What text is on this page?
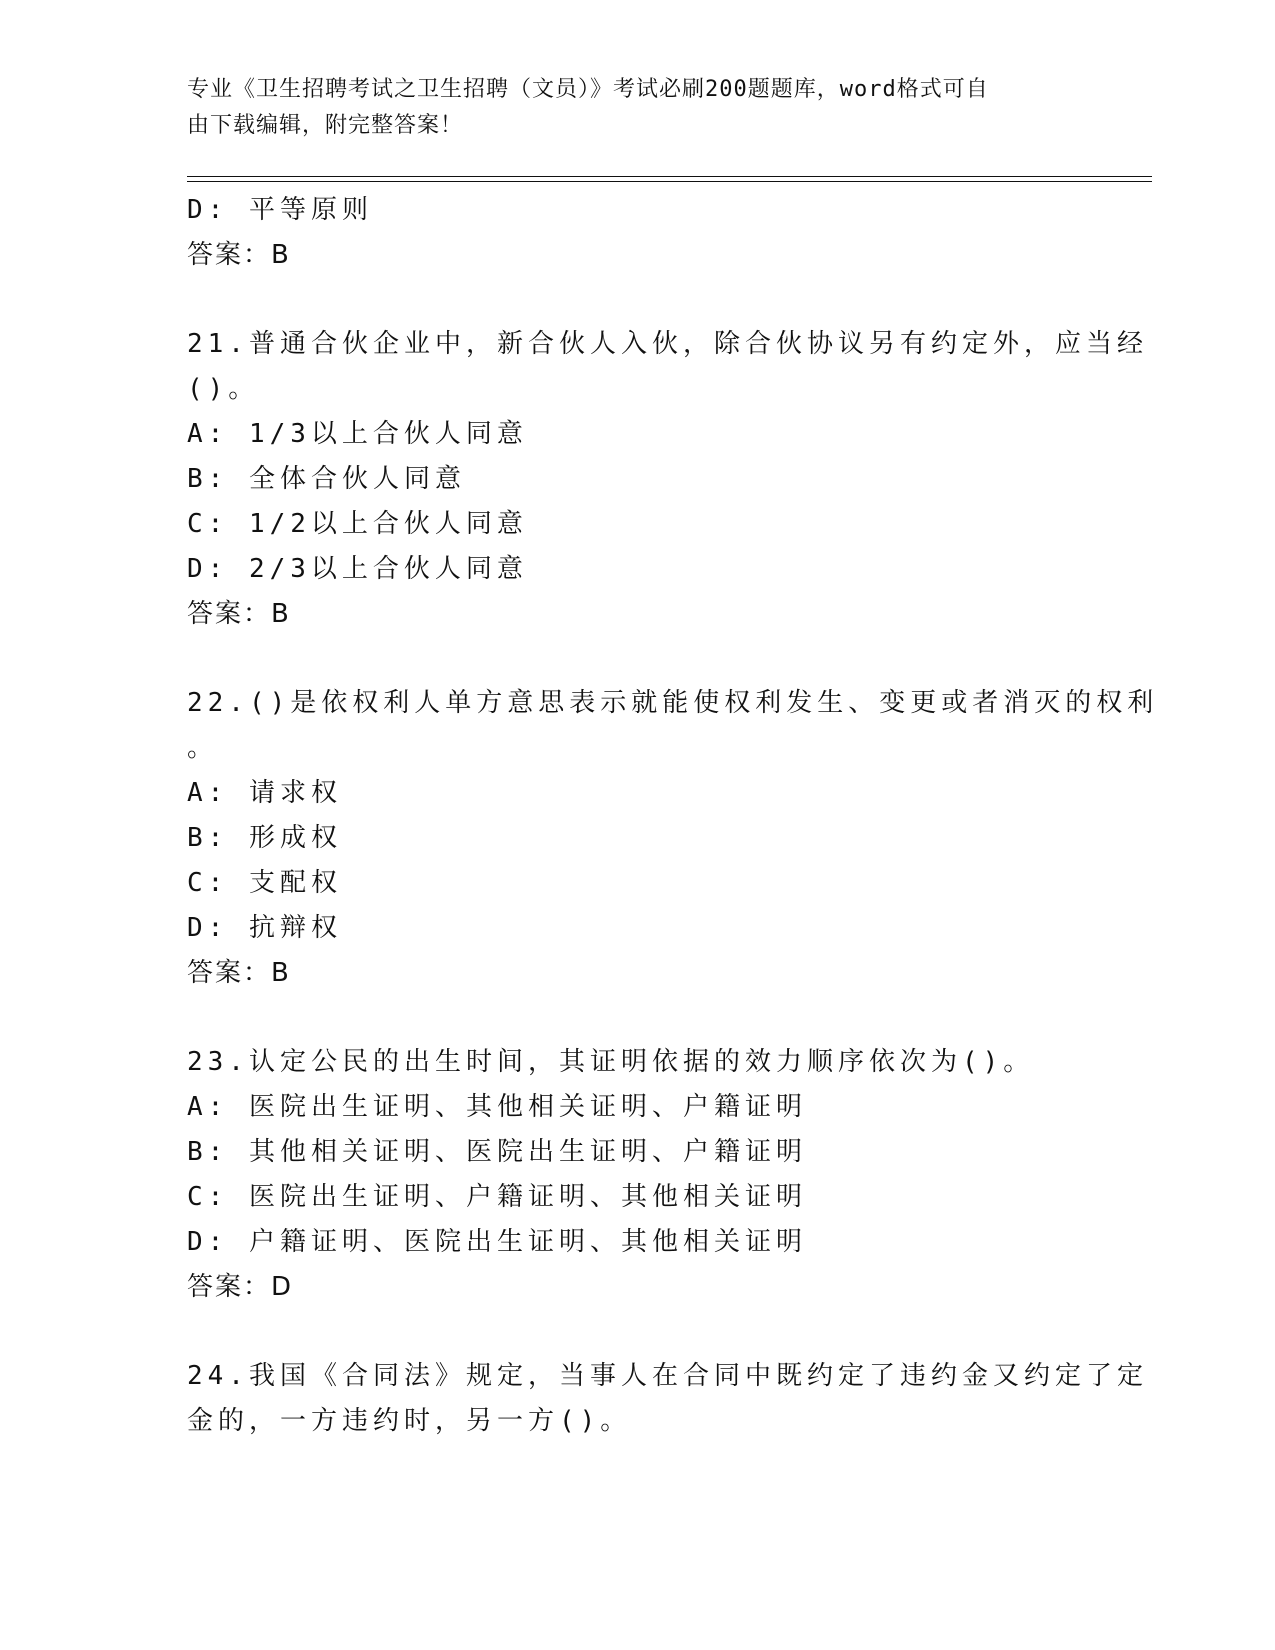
专业《卫生招聘考试之卫生招聘（文员）》考试必刷200题题库，word格式可自
由下载编辑，附完整答案！
D: 平等原则
答案：B
21.普通合伙企业中，新合伙人入伙，除合伙协议另有约定外，应当经
()。
A: 1/3以上合伙人同意
B: 全体合伙人同意
C: 1/2以上合伙人同意
D: 2/3以上合伙人同意
答案：B
22.()是依权利人单方意思表示就能使权利发生、变更或者消灭的权利
。
A: 请求权
B: 形成权
C: 支配权
D: 抗辩权
答案：B
23.认定公民的出生时间，其证明依据的效力顺序依次为()。
A: 医院出生证明、其他相关证明、户籍证明
B: 其他相关证明、医院出生证明、户籍证明
C: 医院出生证明、户籍证明、其他相关证明
D: 户籍证明、医院出生证明、其他相关证明
答案：D
24.我国《合同法》规定，当事人在合同中既约定了违约金又约定了定
金的，一方违约时，另一方()。
